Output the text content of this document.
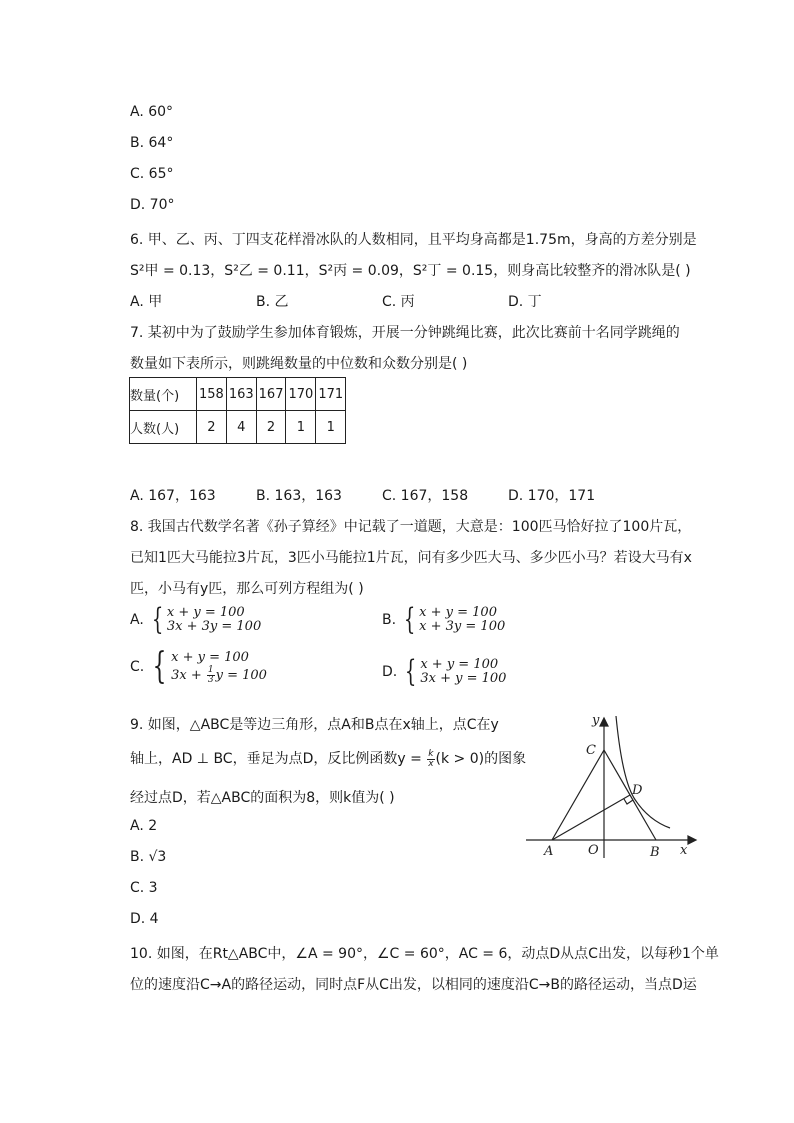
A. 60°
B. 64°
C. 65°
D. 70°
6. 甲、乙、丙、丁四支花样滑冰队的人数相同，且平均身高都是1.75m，身高的方差分别是
S²甲 = 0.13，S²乙 = 0.11，S²丙 = 0.09，S²丁 = 0.15，则身高比较整齐的滑冰队是( )
A. 甲	B. 乙	C. 丙	D. 丁
7. 某初中为了鼓励学生参加体育锻炼，开展一分钟跳绳比赛，此次比赛前十名同学跳绳的
数量如下表所示，则跳绳数量的中位数和众数分别是( )
数量(个)	158	163	167	170	171
人数(人)	2	4	2	1	1
A. 167，163	B. 163，163	C. 167，158	D. 170，171
8. 我国古代数学名著《孙子算经》中记载了一道题，大意是：100匹马恰好拉了100片瓦，
已知1匹大马能拉3片瓦，3匹小马能拉1片瓦，问有多少匹大马、多少匹小马？若设大马有x
匹，小马有y匹，那么可列方程组为( )
A. { x + y = 100
3x + 3y = 100	B. { x + y = 100
x + 3y = 100
C. { x + y = 100
$3x + \frac{1}{3}$ y = 100	D. { x + y = 100
3x + y = 100
9. 如图，△ABC是等边三角形，点A和B点在x轴上，点C在y
轴上，AD ⊥ BC，垂足为点D，反比例函数$y = \frac{k}{x} (k > 0)$的图象
经过点D，若△ABC的面积为8，则k值为( )
A. 2
B. √3
C. 3
D. 4
y
x
C
D
A	O	B
10. 如图，在Rt△ABC中，∠A = 90°，∠C = 60°，AC = 6，动点D从点C出发，以每秒1个单
位的速度沿C→A的路径运动，同时点F从C出发，以相同的速度沿C→B的路径运动，当点D运
